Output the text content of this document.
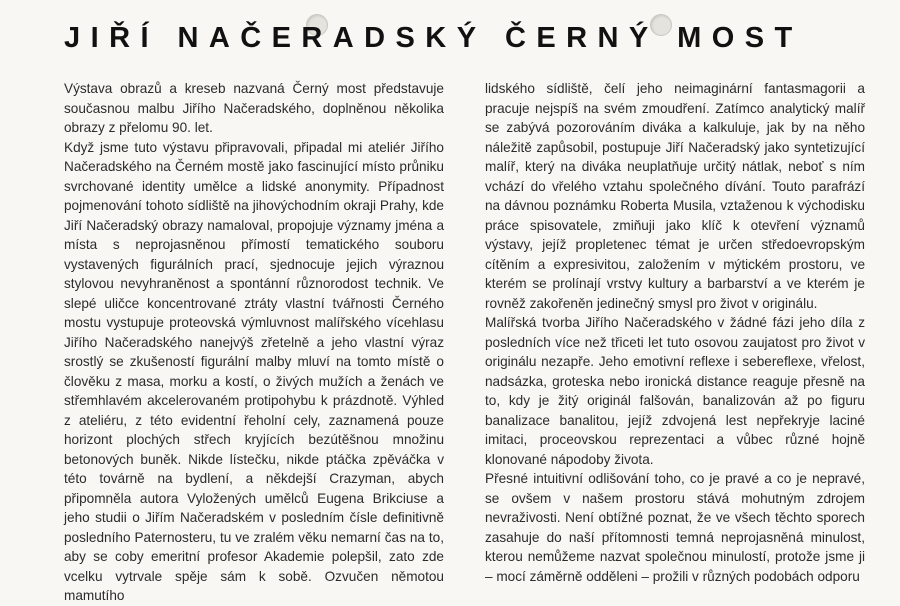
JIŘÍ NAČERADSKÝ ČERNÝ MOST

Výstava obrazů a kreseb nazvaná Černý most představuje současnou malbu Jiřího Načeradského, doplněnou několika obrazy z přelomu 90. let.

Když jsme tuto výstavu připravovali, připadal mi ateliér Jiřího Načeradského na Černém mostě jako fascinující místo průniku svrchované identity umělce a lidské anonymity. Případnost pojmenování tohoto sídliště na jihovýchodním okraji Prahy, kde Jiří Načeradský obrazy namaloval, propojuje významy jména a místa s neprojasněnou přímostí tematického souboru vystavených figurálních prací, sjednocuje jejich výraznou stylovou nevyhraněnost a spontánní různorodost technik. Ve slepé uličce koncentrované ztráty vlastní tvářnosti Černého mostu vystupuje proteovská výmluvnost malířského vícehlasu Jiřího Načeradského nanejvýš zřetelně a jeho vlastní výraz srostlý se zkušeností figurální malby mluví na tomto místě o člověku z masa, morku a kostí, o živých mužích a ženách ve střemhlavém akcelerovaném protipohybu k prázdnotě. Výhled z ateliéru, z této evidentní řeholní cely, zaznamená pouze horizont plochých střech kryjících bezútěšnou množinu betonových buněk. Nikde lístečku, nikde ptáčka zpěváčka v této továrně na bydlení, a někdejší Crazyman, abych připomněla autora Vyložených umělců Eugena Brikciuse a jeho studii o Jiřím Načeradském v posledním čísle definitivně posledního Paternosteru, tu ve zralém věku nemarní čas na to, aby se coby emeritní profesor Akademie polepšil, zato zde vcelku vytrvale spěje sám k sobě. Ozvučen němotou mamutího

lidského sídliště, čelí jeho neimaginární fantasmagorii a pracuje nejspíš na svém zmoudření. Zatímco analytický malíř se zabývá pozorováním diváka a kalkuluje, jak by na něho náležitě zapůsobil, postupuje Jiří Načeradský jako syntetizující malíř, který na diváka neuplatňuje určitý nátlak, neboť s ním vchází do vřelého vztahu společného dívání. Touto parafrází na dávnou poznámku Roberta Musila, vztaženou k východisku práce spisovatele, zmiňuji jako klíč k otevření významů výstavy, jejíž propletenec témat je určen středoevropským cítěním a expresivitou, založením v mýtickém prostoru, ve kterém se prolínají vrstvy kultury a barbarství a ve kterém je rovněž zakořeněn jedinečný smysl pro život v originálu.

Malířská tvorba Jiřího Načeradského v žádné fázi jeho díla z posledních více než třiceti let tuto osovou zaujatost pro život v originálu nezapře. Jeho emotivní reflexe i sebereflexe, vřelost, nadsázka, groteska nebo ironická distance reaguje přesně na to, kdy je žitý originál falšován, banalizován až po figuru banalizace banalitou, jejíž zdvojená lest nepřekryje laciné imitaci, proceovskou reprezentaci a vůbec různé hojně klonované nápodoby života.

Přesné intuitivní odlišování toho, co je pravé a co je nepravé, se ovšem v našem prostoru stává mohutným zdrojem nevraživosti. Není obtížné poznat, že ve všech těchto sporech zasahuje do naší přítomnosti temná neprojasněná minulost, kterou nemůžeme nazvat společnou minulostí, protože jsme ji – mocí záměrně odděleni – prožili v různých podobách odporu
